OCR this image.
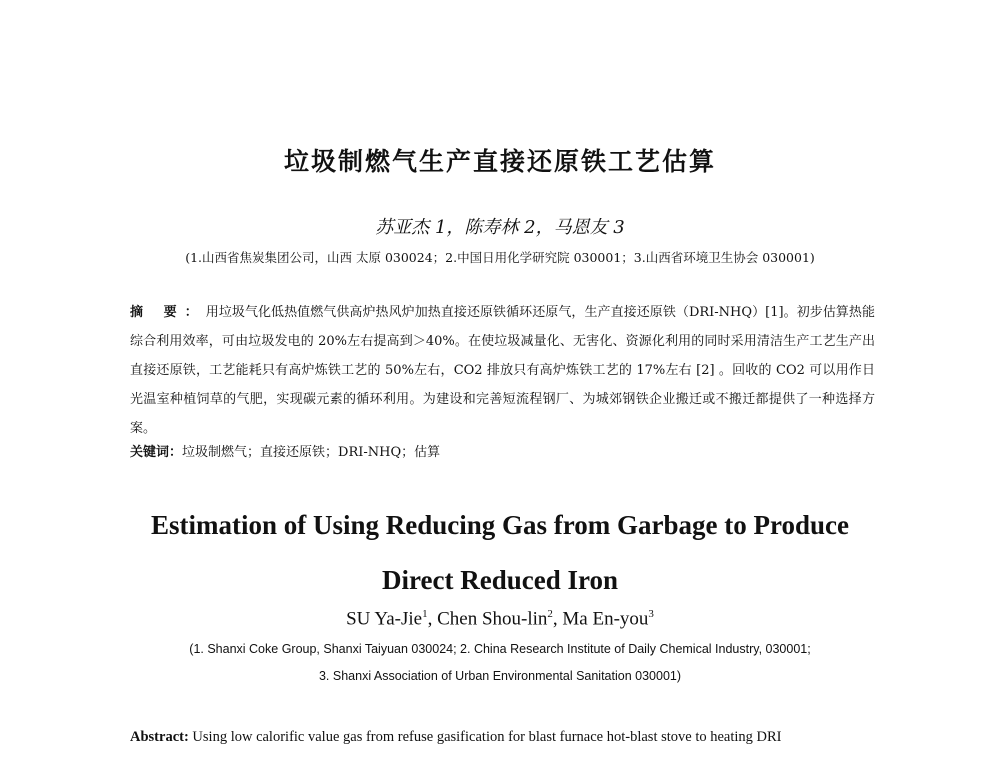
垃圾制燃气生产直接还原铁工艺估算
苏亚杰 1，陈寿林 2，马恩友 3
(1.山西省焦炭集团公司，山西 太原 030024；2.中国日用化学研究院 030001；3.山西省环境卫生协会 030001)
摘 要：用垃圾气化低热值燃气供高炉热风炉加热直接还原铁循环还原气，生产直接还原铁（DRI-NHQ）[1]。初步估算热能综合利用效率，可由垃圾发电的 20%左右提高到＞40%。在使垃圾减量化、无害化、资源化利用的同时采用清洁生产工艺生产出直接还原铁，工艺能耗只有高炉炼铁工艺的 50%左右，CO2 排放只有高炉炼铁工艺的 17%左右 [2] 。回收的 CO2 可以用作日光温室种植饲草的气肥，实现碳元素的循环利用。为建设和完善短流程钢厂、为城郊钢铁企业搬迁或不搬迁都提供了一种选择方案。
关键词：垃圾制燃气；直接还原铁；DRI-NHQ；估算
Estimation of Using Reducing Gas from Garbage to Produce
Direct Reduced Iron
SU Ya-Jie$^1$, Chen Shou-lin$^2$, Ma En-you$^3$
(1. Shanxi Coke Group, Shanxi Taiyuan 030024; 2. China Research Institute of Daily Chemical Industry, 030001;
3. Shanxi Association of Urban Environmental Sanitation 030001)
Abstract: Using low calorific value gas from refuse gasification for blast furnace hot-blast stove to heating DRI
